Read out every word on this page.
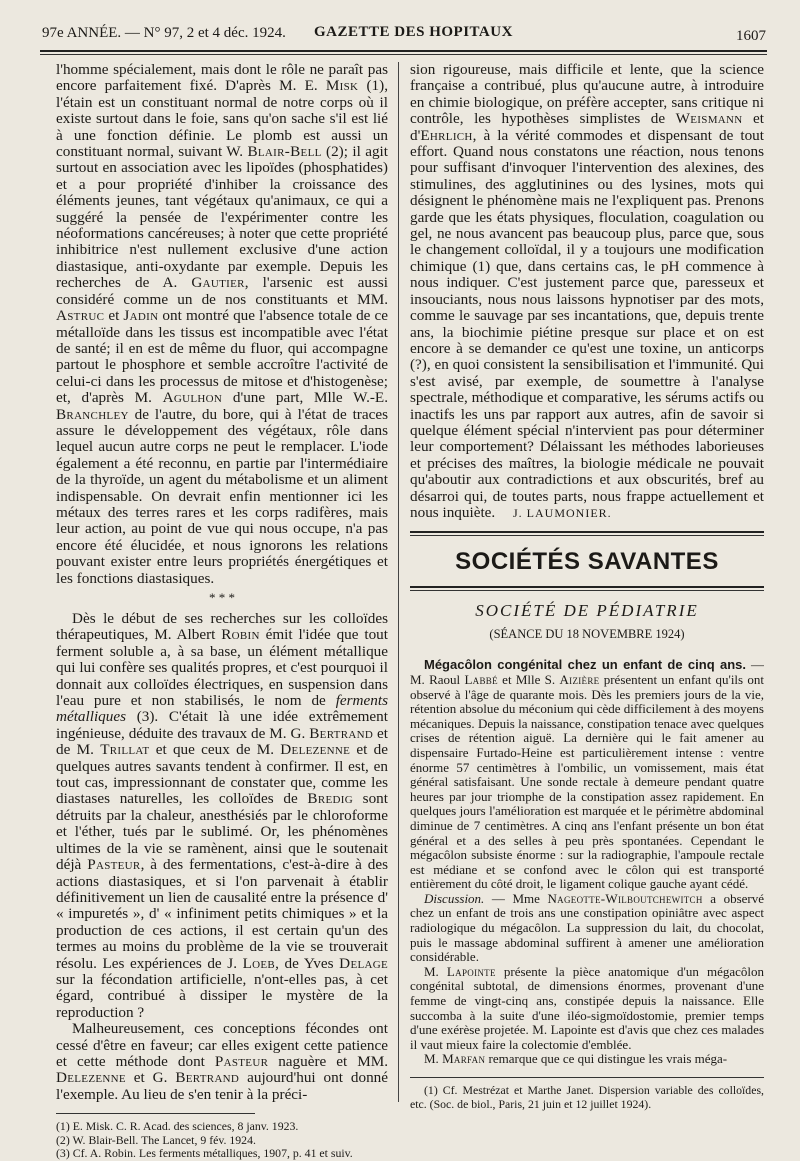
97e ANNÉE. — N° 97, 2 et 4 déc. 1924. GAZETTE DES HOPITAUX	1607

l'homme spécialement, mais dont le rôle ne paraît pas encore parfaitement fixé. D'après M. E. Misk (1), l'étain est un constituant normal de notre corps où il existe surtout dans le foie, sans qu'on sache s'il est lié à une fonction définie. Le plomb est aussi un constituant normal, suivant W. Blair-Bell (2); il agit surtout en association avec les lipoïdes (phosphatides) et a pour propriété d'inhiber la croissance des éléments jeunes, tant végétaux qu'animaux, ce qui a suggéré la pensée de l'expérimenter contre les néoformations cancéreuses; à noter que cette propriété inhibitrice n'est nullement exclusive d'une action diastasique, anti-oxydante par exemple. Depuis les recherches de A. Gautier, l'arsenic est aussi considéré comme un de nos constituants et MM. Astruc et Jadin ont montré que l'absence totale de ce métalloïde dans les tissus est incompatible avec l'état de santé; il en est de même du fluor, qui accompagne partout le phosphore et semble accroître l'activité de celui-ci dans les processus de mitose et d'histogenèse; et, d'après M. Agulhon d'une part, Mlle W.-E. Branchley de l'autre, du bore, qui à l'état de traces assure le développement des végétaux, rôle dans lequel aucun autre corps ne peut le remplacer. L'iode également a été reconnu, en partie par l'intermédiaire de la thyroïde, un agent du métabolisme et un aliment indispensable. On devrait enfin mentionner ici les métaux des terres rares et les corps radifères, mais leur action, au point de vue qui nous occupe, n'a pas encore été élucidée, et nous ignorons les relations pouvant exister entre leurs propriétés énergétiques et les fonctions diastasiques.

* * *

Dès le début de ses recherches sur les colloïdes thérapeutiques, M. Albert Robin émit l'idée que tout ferment soluble a, à sa base, un élément métallique qui lui confère ses qualités propres, et c'est pourquoi il donnait aux colloïdes électriques, en suspension dans l'eau pure et non stabilisés, le nom de ferments métalliques (3). C'était là une idée extrêmement ingénieuse, déduite des travaux de M. G. Bertrand et de M. Trillat et que ceux de M. Delezenne et de quelques autres savants tendent à confirmer. Il est, en tout cas, impressionnant de constater que, comme les diastases naturelles, les colloïdes de Bredig sont détruits par la chaleur, anesthésiés par le chloroforme et l'éther, tués par le sublimé. Or, les phénomènes ultimes de la vie se ramènent, ainsi que le soutenait déjà Pasteur, à des fermentations, c'est-à-dire à des actions diastasiques, et si l'on parvenait à établir définitivement un lien de causalité entre la présence d' « impuretés », d' « infiniment petits chimiques » et la production de ces actions, il est certain qu'un des termes au moins du problème de la vie se trouverait résolu. Les expériences de J. Loeb, de Yves Delage sur la fécondation artificielle, n'ont-elles pas, à cet égard, contribué à dissiper le mystère de la reproduction ?

Malheureusement, ces conceptions fécondes ont cessé d'être en faveur; car elles exigent cette patience et cette méthode dont Pasteur naguère et MM. Delezenne et G. Bertrand aujourd'hui ont donné l'exemple. Au lieu de s'en tenir à la préci-

(1) E. Misk. C. R. Acad. des sciences, 8 janv. 1923.

(2) W. Blair-Bell. The Lancet, 9 fév. 1924.

(3) Cf. A. Robin. Les ferments métalliques, 1907, p. 41 et suiv.

sion rigoureuse, mais difficile et lente, que la science française a contribué, plus qu'aucune autre, à introduire en chimie biologique, on préfère accepter, sans critique ni contrôle, les hypothèses simplistes de Weismann et d'Ehrlich, à la vérité commodes et dispensant de tout effort. Quand nous constatons une réaction, nous tenons pour suffisant d'invoquer l'intervention des alexines, des stimulines, des agglutinines ou des lysines, mots qui désignent le phénomène mais ne l'expliquent pas. Prenons garde que les états physiques, floculation, coagulation ou gel, ne nous avancent pas beaucoup plus, parce que, sous le changement colloïdal, il y a toujours une modification chimique (1) que, dans certains cas, le pH commence à nous indiquer. C'est justement parce que, paresseux et insouciants, nous nous laissons hypnotiser par des mots, comme le sauvage par ses incantations, que, depuis trente ans, la biochimie piétine presque sur place et on est encore à se demander ce qu'est une toxine, un anticorps (?), en quoi consistent la sensibilisation et l'immunité. Qui s'est avisé, par exemple, de soumettre à l'analyse spectrale, méthodique et comparative, les sérums actifs ou inactifs les uns par rapport aux autres, afin de savoir si quelque élément spécial n'intervient pas pour déterminer leur comportement? Délaissant les méthodes laborieuses et précises des maîtres, la biologie médicale ne pouvait qu'aboutir aux contradictions et aux obscurités, bref au désarroi qui, de toutes parts, nous frappe actuellement et nous inquiète. J. LAUMONIER.

SOCIÉTÉS SAVANTES
SOCIÉTÉ DE PÉDIATRIE
(SÉANCE DU 18 NOVEMBRE 1924)

Mégacôlon congénital chez un enfant de cinq ans. — M. Raoul Labbé et Mlle S. Aizière présentent un enfant qu'ils ont observé à l'âge de quarante mois. Dès les premiers jours de la vie, rétention absolue du méconium qui cède difficilement à des moyens mécaniques. Depuis la naissance, constipation tenace avec quelques crises de rétention aiguë. La dernière qui le fait amener au dispensaire Furtado-Heine est particulièrement intense : ventre énorme 57 centimètres à l'ombilic, un vomissement, mais état général satisfaisant. Une sonde rectale à demeure pendant quatre heures par jour triomphe de la constipation assez rapidement. En quelques jours l'amélioration est marquée et le périmètre abdominal diminue de 7 centimètres. A cinq ans l'enfant présente un bon état général et a des selles à peu près spontanées. Cependant le mégacôlon subsiste énorme : sur la radiographie, l'ampoule rectale est médiane et se confond avec le côlon qui est transporté entièrement du côté droit, le ligament colique gauche ayant cédé.

Discussion. — Mme Nageotte-Wilboutchewitch a observé chez un enfant de trois ans une constipation opiniâtre avec aspect radiologique du mégacôlon. La suppression du lait, du chocolat, puis le massage abdominal suffirent à amener une amélioration considérable.

M. Lapointe présente la pièce anatomique d'un mégacôlon congénital subtotal, de dimensions énormes, provenant d'une femme de vingt-cinq ans, constipée depuis la naissance. Elle succomba à la suite d'une iléo-sigmoïdostomie, premier temps d'une exérèse projetée. M. Lapointe est d'avis que chez ces malades il vaut mieux faire la colectomie d'emblée.

M. Marfan remarque que ce qui distingue les vrais méga-

(1) Cf. Mestrézat et Marthe Janet. Dispersion variable des colloïdes, etc. (Soc. de biol., Paris, 21 juin et 12 juillet 1924).
